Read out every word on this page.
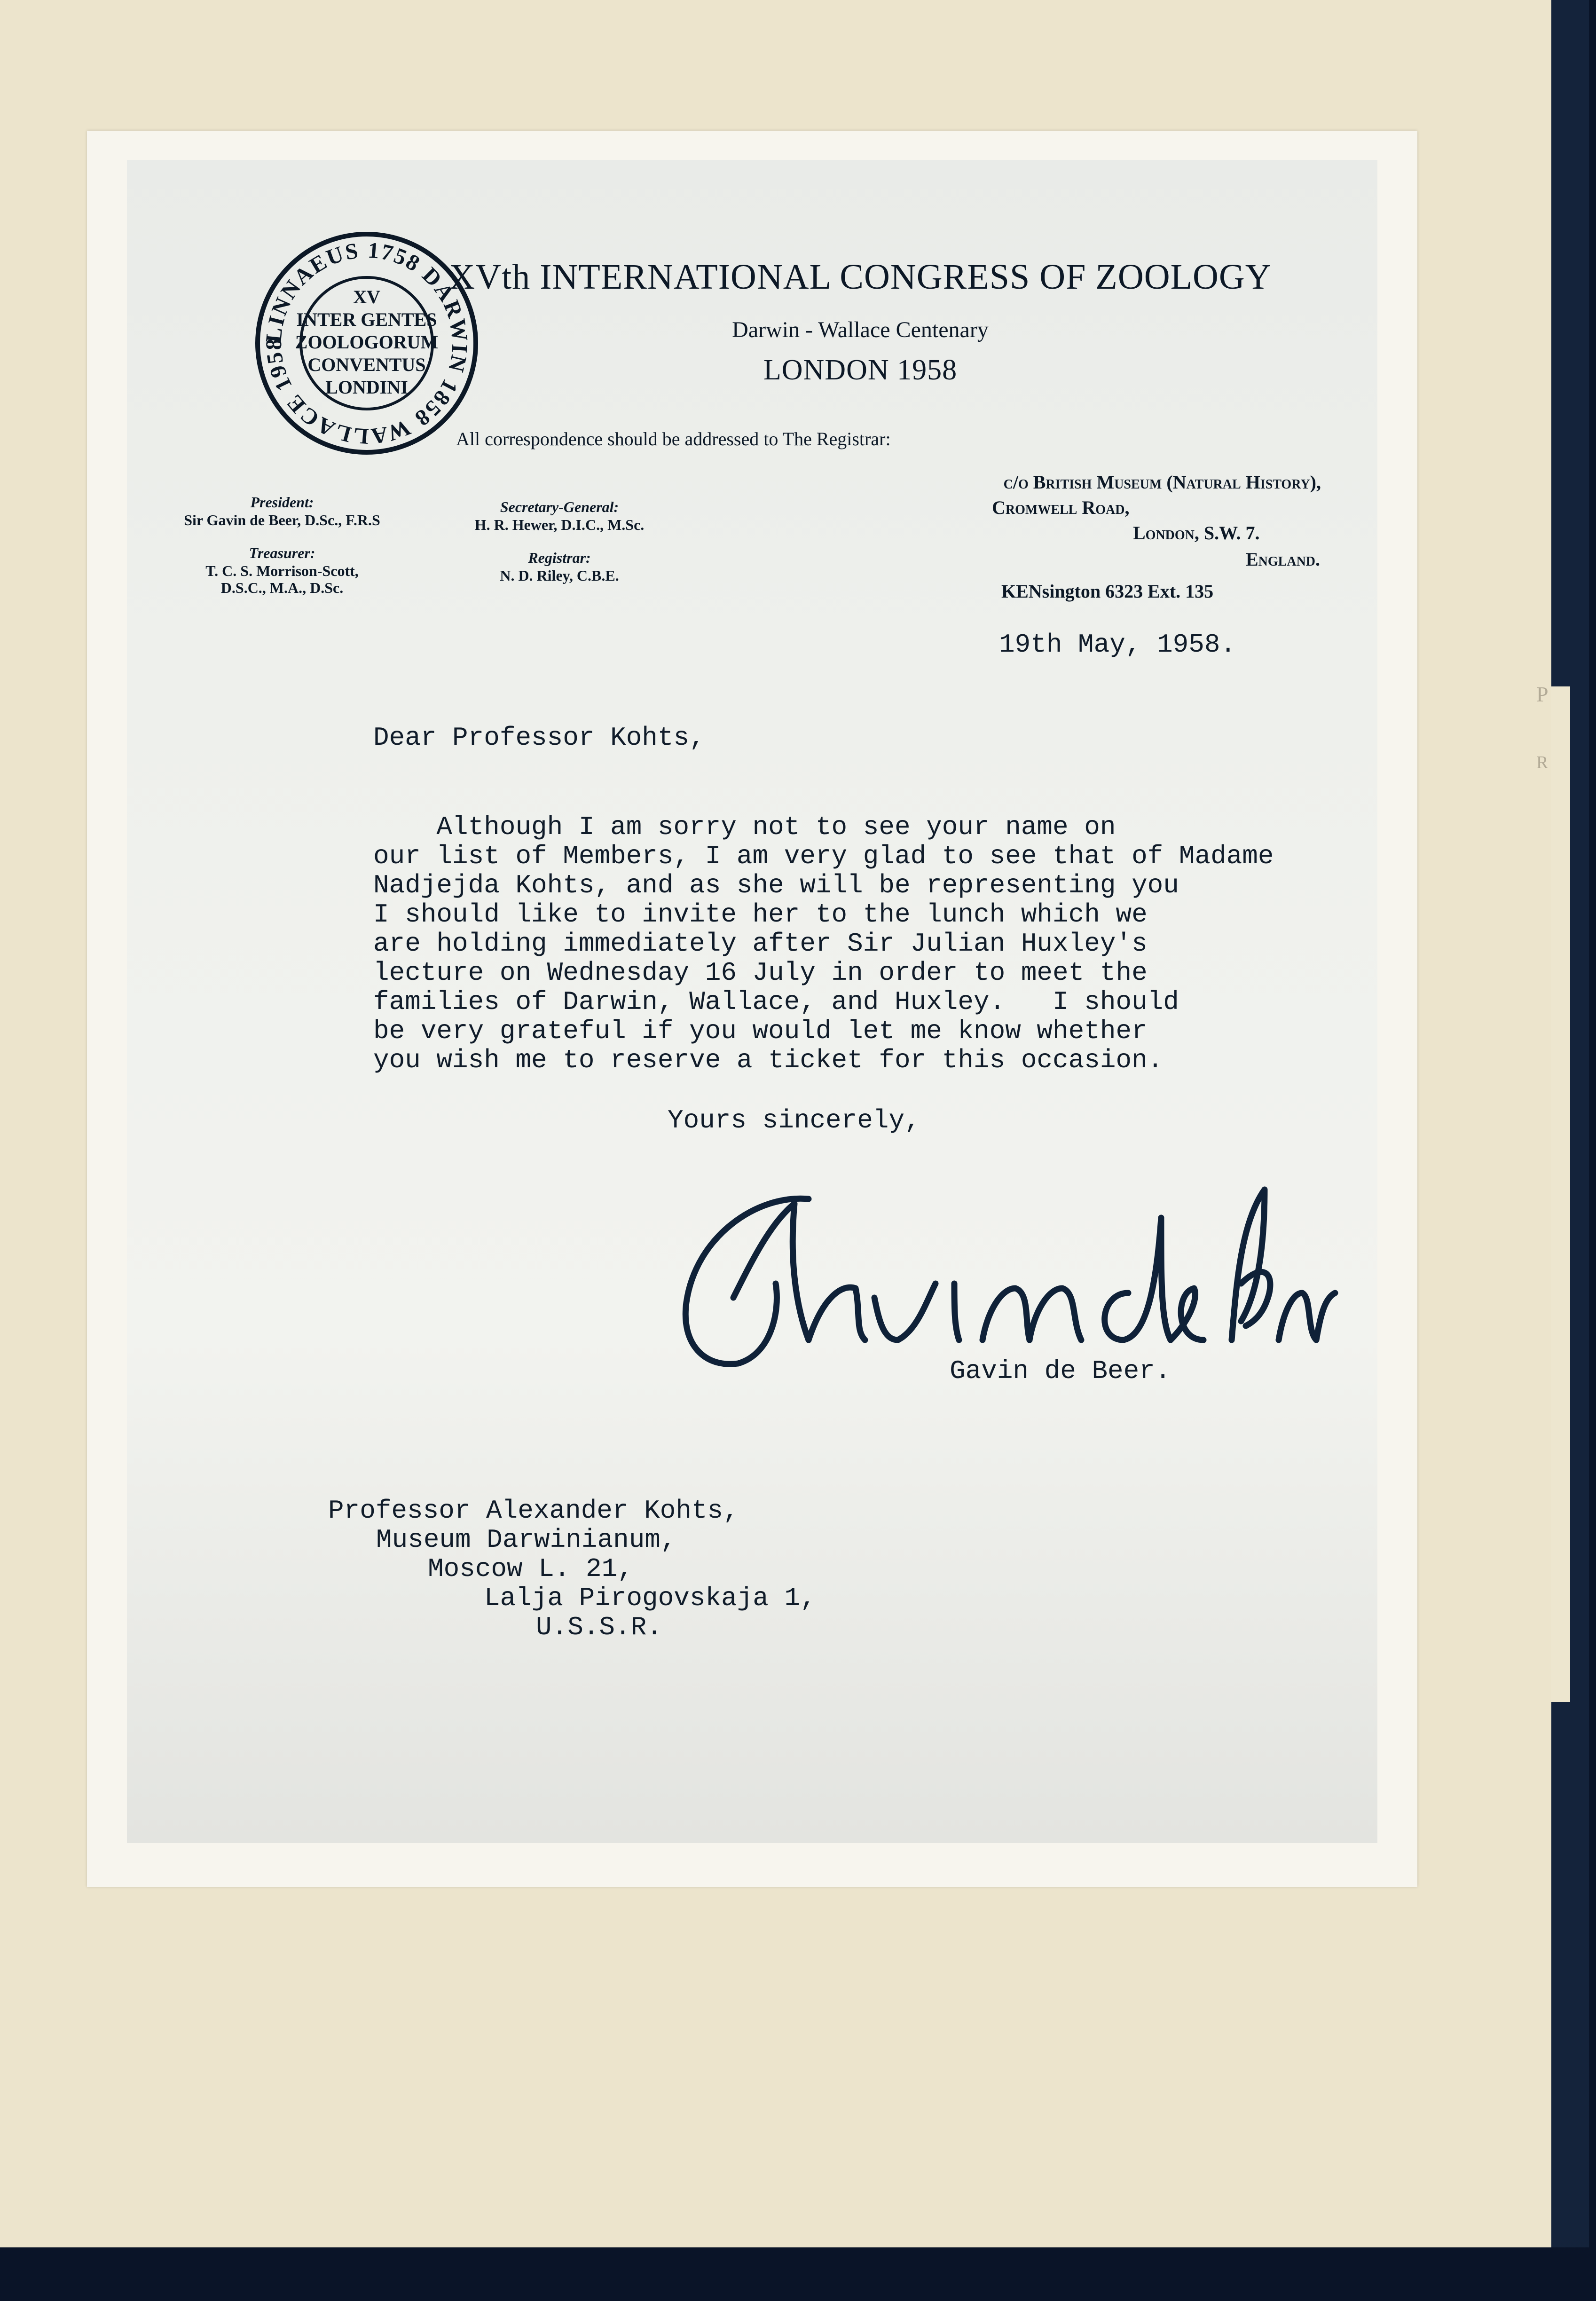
P
R
LINNAEUS 1758 DARWIN 1858 WALLACE 1958
XV
INTER GENTES
ZOOLOGORUM
CONVENTUS
LONDINI
XVth INTERNATIONAL CONGRESS OF ZOOLOGY
Darwin - Wallace Centenary
LONDON 1958
All correspondence should be addressed to The Registrar:
c/o British Museum (Natural History),
Cromwell Road,
London, S.W. 7.
England.
KENsington 6323 Ext. 135
President:
Sir Gavin de Beer, D.Sc., F.R.S
Treasurer:
T. C. S. Morrison-Scott,
D.S.C., M.A., D.Sc.
Secretary-General:
H. R. Hewer, D.I.C., M.Sc.
Registrar:
N. D. Riley, C.B.E.
19th May, 1958.
Dear Professor Kohts,
Although I am sorry not to see your name on
our list of Members, I am very glad to see that of Madame
Nadjejda Kohts, and as she will be representing you
I should like to invite her to the lunch which we
are holding immediately after Sir Julian Huxley's
lecture on Wednesday 16 July in order to meet the
families of Darwin, Wallace, and Huxley.   I should
be very grateful if you would let me know whether
you wish me to reserve a ticket for this occasion.
Yours sincerely,
Gavin de Beer.
Professor Alexander Kohts,
Museum Darwinianum,
Moscow L. 21,
Lalja Pirogovskaja 1,
U.S.S.R.
